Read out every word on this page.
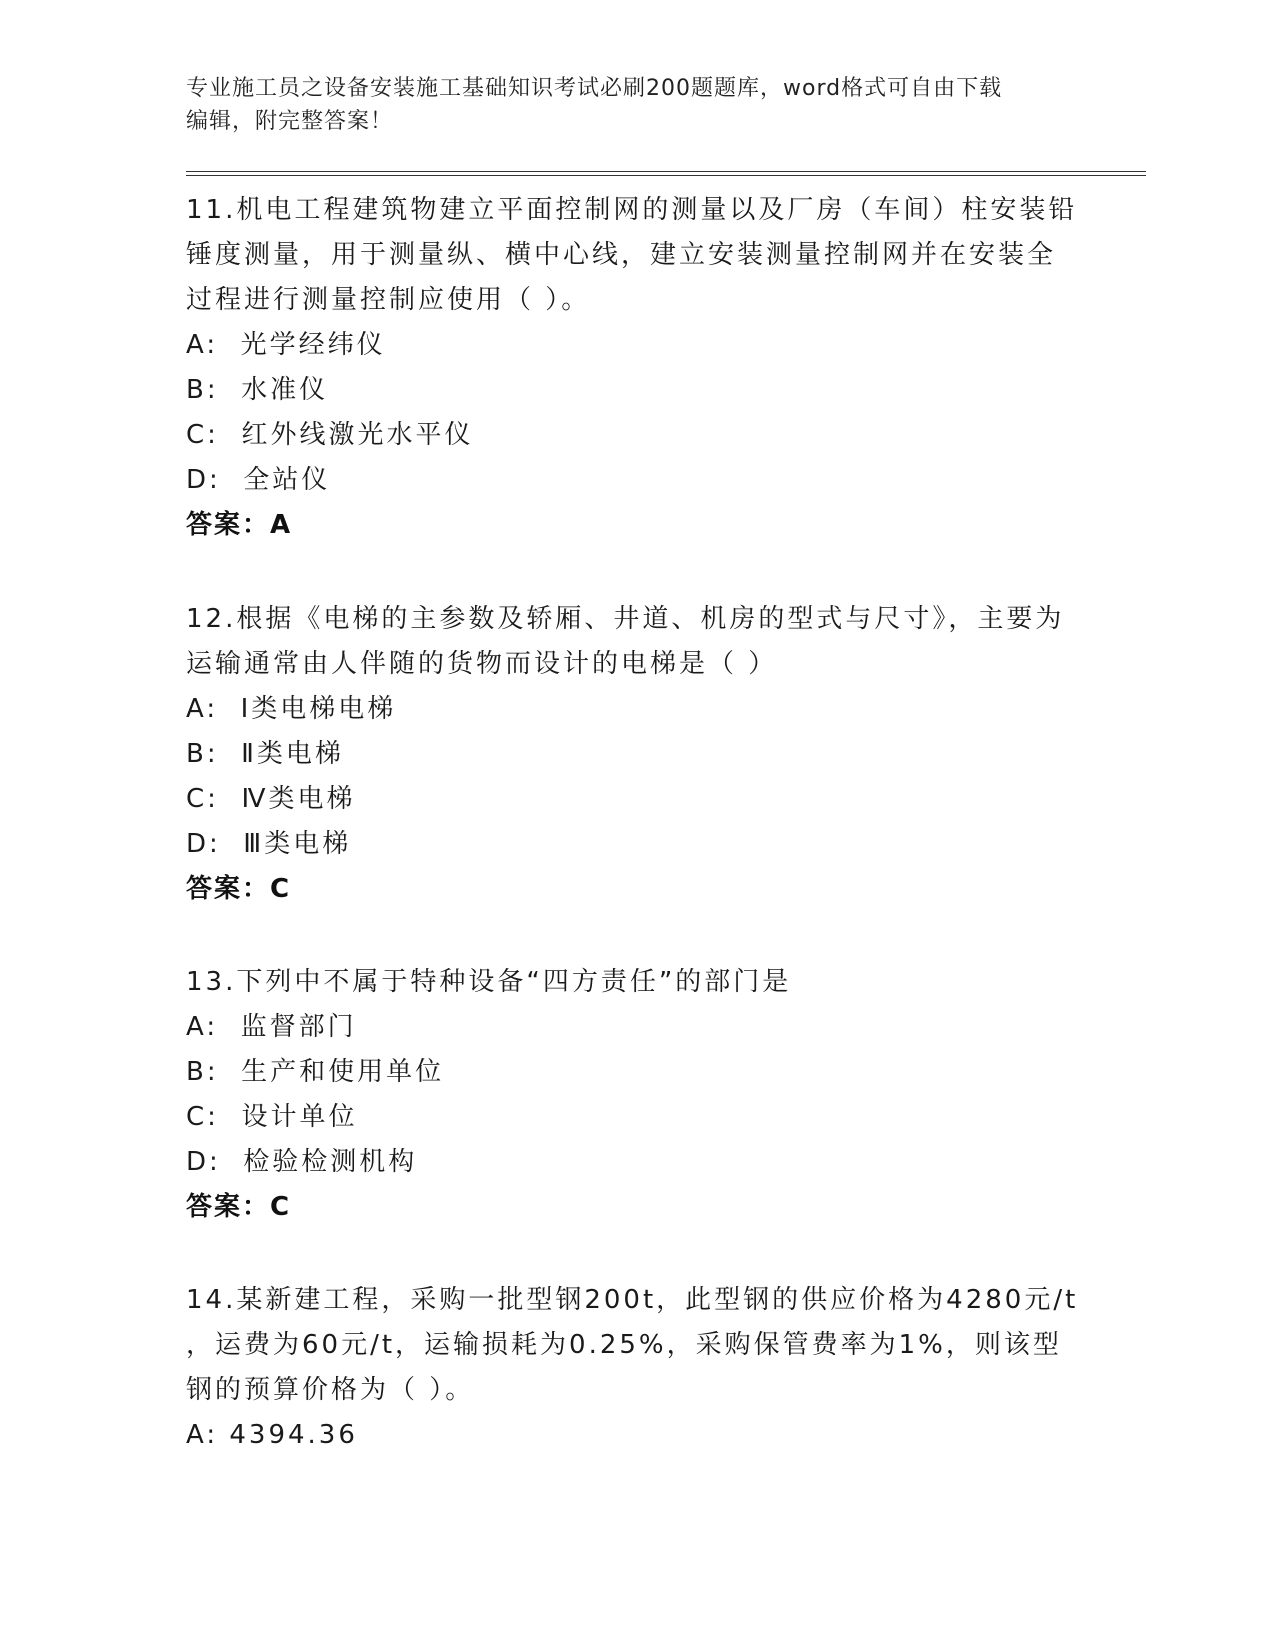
专业施工员之设备安装施工基础知识考试必刷200题题库，word格式可自由下载
编辑，附完整答案！

11.机电工程建筑物建立平面控制网的测量以及厂房（车间）柱安装铅

锤度测量，用于测量纵、横中心线，建立安装测量控制网并在安装全

过程进行测量控制应使用（ ）。

A:  光学经纬仪

B:  水准仪

C:  红外线激光水平仪

D:  全站仪

答案：A

12.根据《电梯的主参数及轿厢、井道、机房的型式与尺寸》，主要为

运输通常由人伴随的货物而设计的电梯是（ ）

A:  Ⅰ类电梯电梯

B:  Ⅱ类电梯

C:  Ⅳ类电梯

D:  Ⅲ类电梯

答案：C

13.下列中不属于特种设备“四方责任”的部门是

A:  监督部门

B:  生产和使用单位

C:  设计单位

D:  检验检测机构

答案：C

14.某新建工程，采购一批型钢200t，此型钢的供应价格为4280元/t

，运费为60元/t，运输损耗为0.25%，采购保管费率为1%，则该型

钢的预算价格为（ ）。

A: 4394.36
